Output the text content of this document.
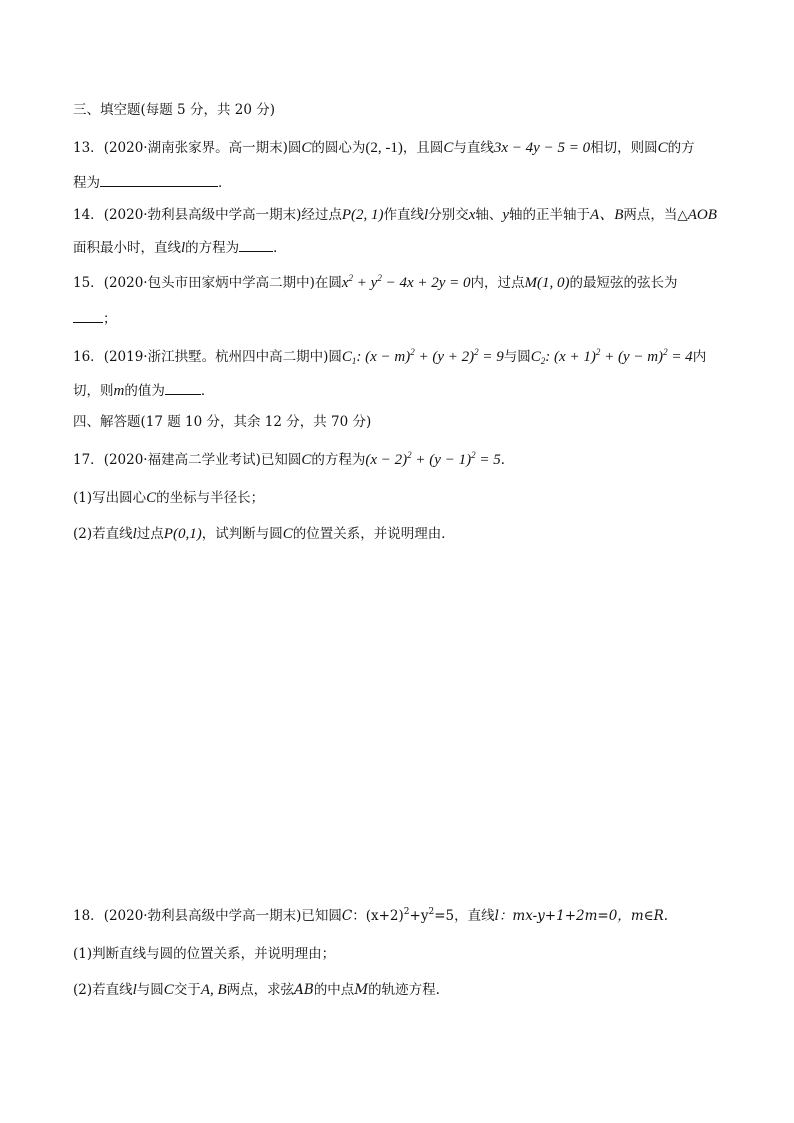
三、填空题(每题 5 分，共 20 分)
13．(2020·湖南张家界。高一期末)圆C的圆心为(2, -1)，且圆C与直线3x − 4y − 5 = 0相切，则圆C的方
程为	．
14．(2020·勃利县高级中学高一期末)经过点P(2, 1)作直线l分别交x轴、y轴的正半轴于A、B两点，当△AOB
面积最小时，直线l的方程为	．
15．(2020·包头市田家炳中学高二期中)在圆$x^2 + y^2 - 4x + 2y = 0$内，过点M(1, 0)的最短弦的弦长为
；
16．(2019·浙江拱墅。杭州四中高二期中)圆$C_1$: $(x - m)^2 + (y + 2)^2 = 9$与圆$C_2$: $(x + 1)^2 + (y - m)^2 = 4$内
切，则m的值为	．
四、解答题(17 题 10 分，其余 12 分，共 70 分)
17．(2020·福建高二学业考试)已知圆C的方程为$(x - 2)^2 + (y - 1)^2 = 5$．
(1)写出圆心C的坐标与半径长；
(2)若直线l过点P(0,1)，试判断与圆C的位置关系，并说明理由．
18．(2020·勃利县高级中学高一期末)已知圆C：$(x+2)^2+y^2=5$，直线l：mx-y+1+2m=0，m∈R.
(1)判断直线与圆的位置关系，并说明理由；
(2)若直线l与圆C交于A, B两点，求弦AB的中点M的轨迹方程.
